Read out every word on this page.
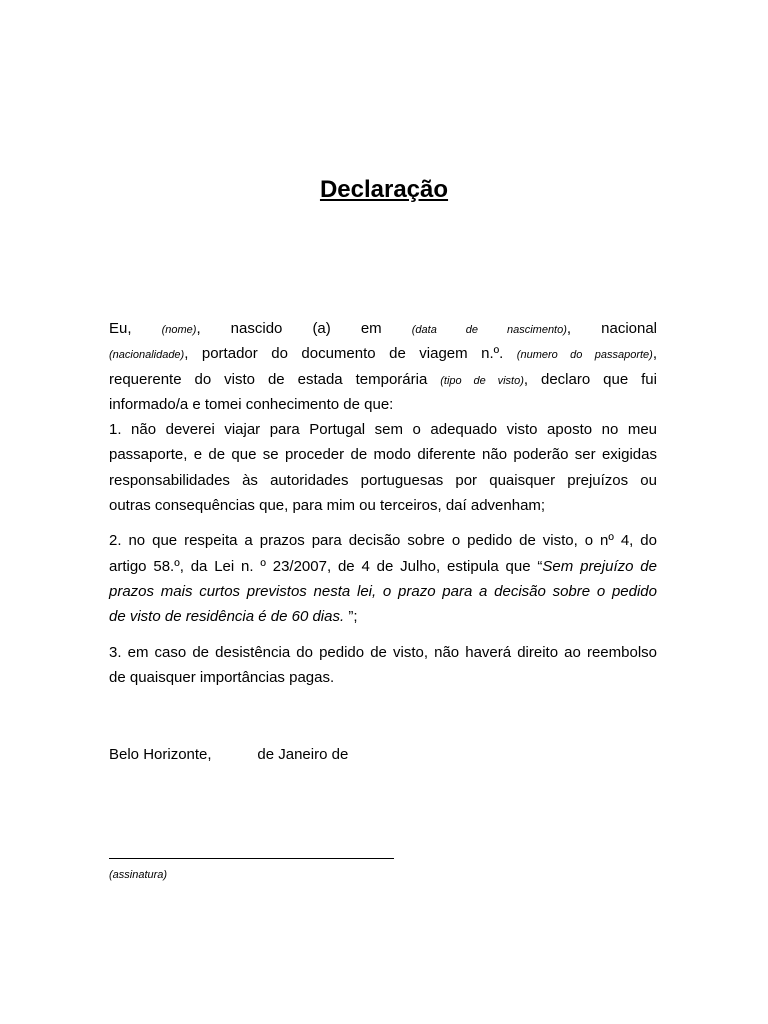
Declaração
Eu,	(nome), nascido (a) em	(data de nascimento), nacional
(nacionalidade), portador do documento de viagem n.º. (numero do passaporte),
requerente do visto de estada temporária (tipo de visto), declaro que fui
informado/a e tomei conhecimento de que:
1. não deverei viajar para Portugal sem o adequado visto aposto no meu
passaporte, e de que se proceder de modo diferente não poderão ser exigidas
responsabilidades às autoridades portuguesas por quaisquer prejuízos ou
outras consequências que, para mim ou terceiros, daí advenham;
2. no que respeita a prazos para decisão sobre o pedido de visto, o nº 4, do
artigo 58.º, da Lei n. º 23/2007, de 4 de Julho, estipula que “Sem prejuízo de
prazos mais curtos previstos nesta lei, o prazo para a decisão sobre o pedido
de visto de residência é de 60 dias. ”;
3. em caso de desistência do pedido de visto, não haverá direito ao reembolso
de quaisquer importâncias pagas.
Belo Horizonte,           de Janeiro de
(assinatura)
